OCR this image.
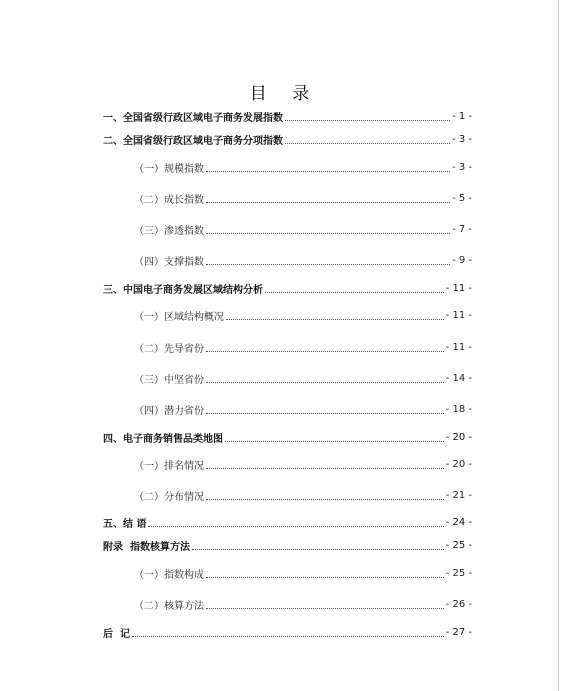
目 录
一、全国省级行政区域电子商务发展指数	- 1 -
二、全国省级行政区域电子商务分项指数	- 3 -
（一）规模指数	- 3 -
（二）成长指数	- 5 -
（三）渗透指数	- 7 -
（四）支撑指数	- 9 -
三、中国电子商务发展区域结构分析	- 11 -
（一）区域结构概况	- 11 -
（二）先导省份	- 11 -
（三）中坚省份	- 14 -
（四）潜力省份	- 18 -
四、电子商务销售品类地图	- 20 -
（一）排名情况	- 20 -
（二）分布情况	- 21 -
五、结 语	- 24 -
附录  指数核算方法	- 25 -
（一）指数构成	- 25 -
（二）核算方法	- 26 -
后  记	- 27 -
